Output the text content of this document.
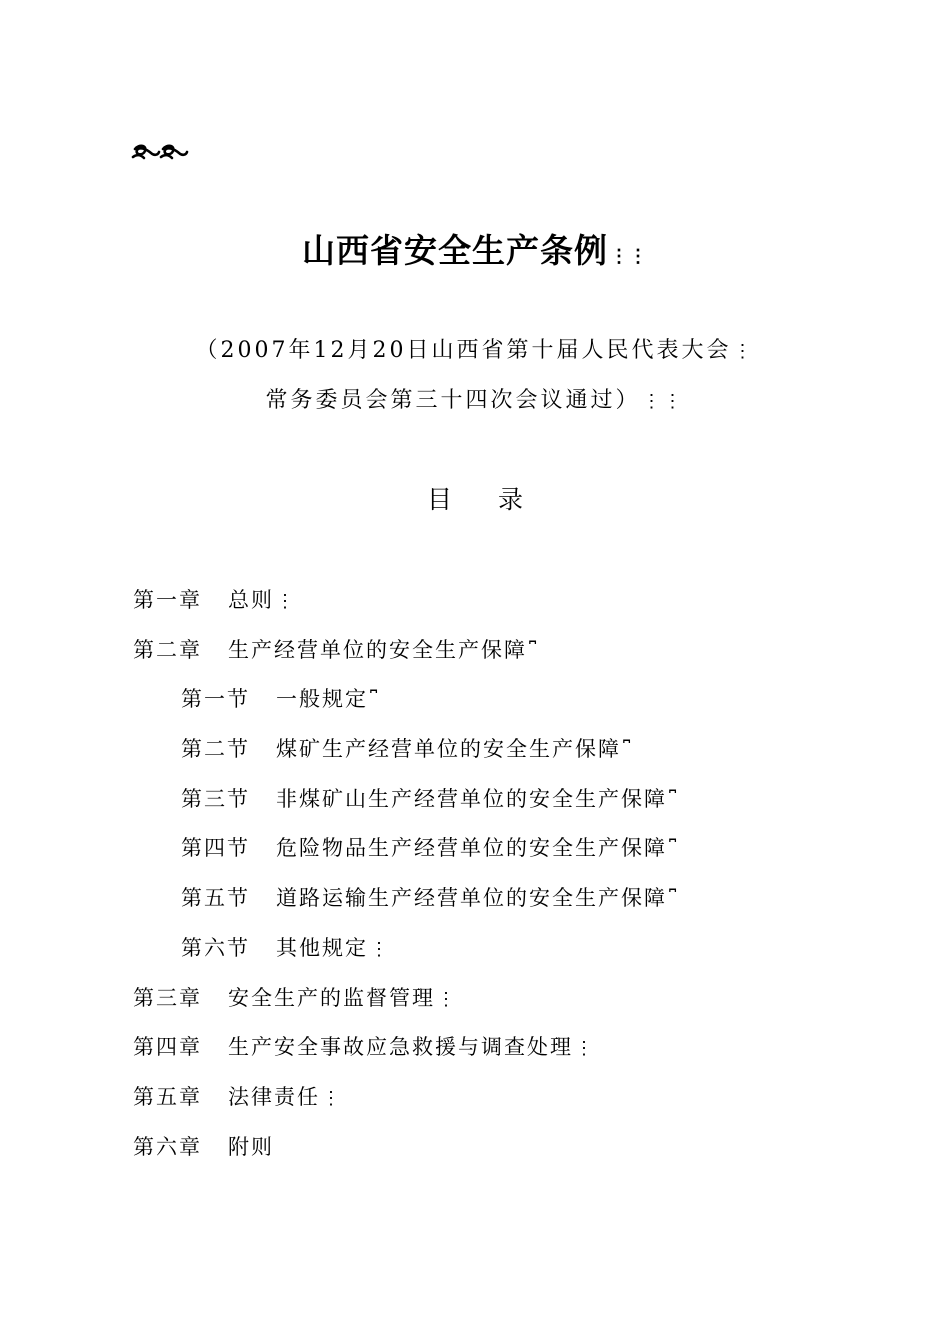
山西省安全生产条例 ⋮⋮
（2007年12月20日山西省第十届人民代表大会 ⋮
常务委员会第三十四次会议通过） ⋮⋮
目 录
第一章 总则 ⋮
第二章 生产经营单位的安全生产保障 ⎴
第一节 一般规定 ⎴
第二节 煤矿生产经营单位的安全生产保障 ⎴
第三节 非煤矿山生产经营单位的安全生产保障 ⎴
第四节 危险物品生产经营单位的安全生产保障 ⎴
第五节 道路运输生产经营单位的安全生产保障 ⎴
第六节 其他规定 ⋮
第三章 安全生产的监督管理 ⋮
第四章 生产安全事故应急救援与调查处理 ⋮
第五章 法律责任 ⋮
第六章 附则
